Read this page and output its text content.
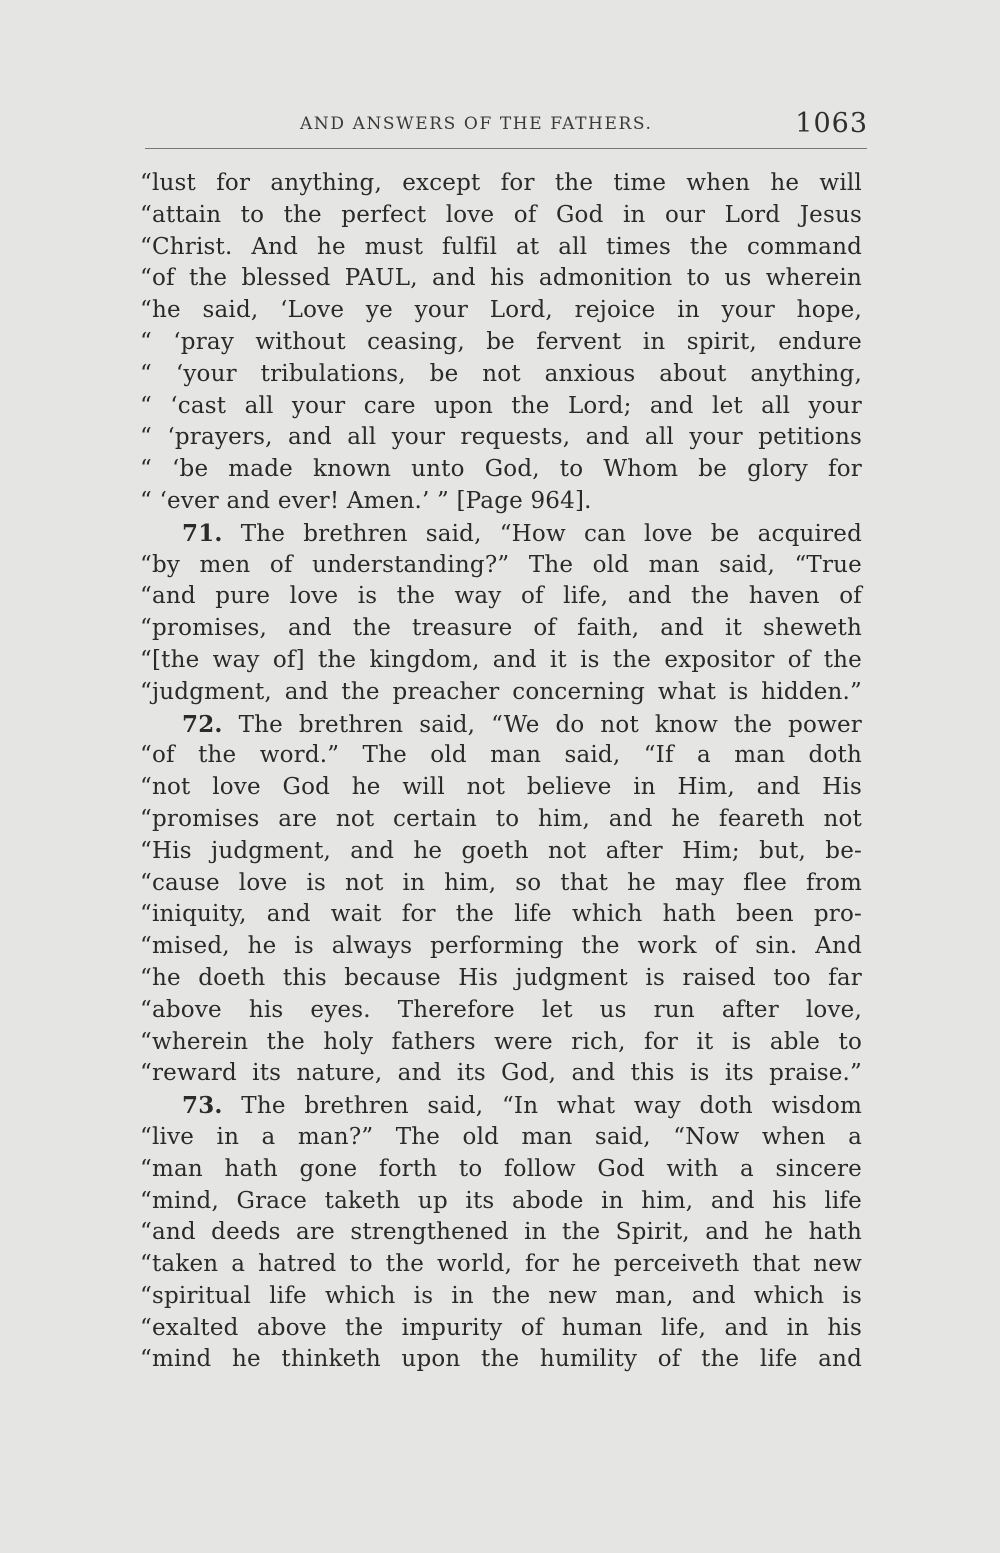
AND ANSWERS OF THE FATHERS.	1063
“lust for anything, except for the time when he will
“attain to the perfect love of God in our Lord Jesus
“Christ. And he must fulfil at all times the command
“of the blessed PAUL, and his admonition to us wherein
“he said, ‘Love ye your Lord, rejoice in your hope,
“ ‘pray without ceasing, be fervent in spirit, endure
“ ‘your tribulations, be not anxious about anything,
“ ‘cast all your care upon the Lord; and let all your
“ ‘prayers, and all your requests, and all your petitions
“ ‘be made known unto God, to Whom be glory for
“ ‘ever and ever! Amen.’ ” [Page 964].
71. The brethren said, “How can love be acquired
“by men of understanding?” The old man said, “True
“and pure love is the way of life, and the haven of
“promises, and the treasure of faith, and it sheweth
“[the way of] the kingdom, and it is the expositor of the
“judgment, and the preacher concerning what is hidden.”
72. The brethren said, “We do not know the power
“of the word.” The old man said, “If a man doth
“not love God he will not believe in Him, and His
“promises are not certain to him, and he feareth not
“His judgment, and he goeth not after Him; but, be-
“cause love is not in him, so that he may flee from
“iniquity, and wait for the life which hath been pro-
“mised, he is always performing the work of sin. And
“he doeth this because His judgment is raised too far
“above his eyes. Therefore let us run after love,
“wherein the holy fathers were rich, for it is able to
“reward its nature, and its God, and this is its praise.”
73. The brethren said, “In what way doth wisdom
“live in a man?” The old man said, “Now when a
“man hath gone forth to follow God with a sincere
“mind, Grace taketh up its abode in him, and his life
“and deeds are strengthened in the Spirit, and he hath
“taken a hatred to the world, for he perceiveth that new
“spiritual life which is in the new man, and which is
“exalted above the impurity of human life, and in his
“mind he thinketh upon the humility of the life and
